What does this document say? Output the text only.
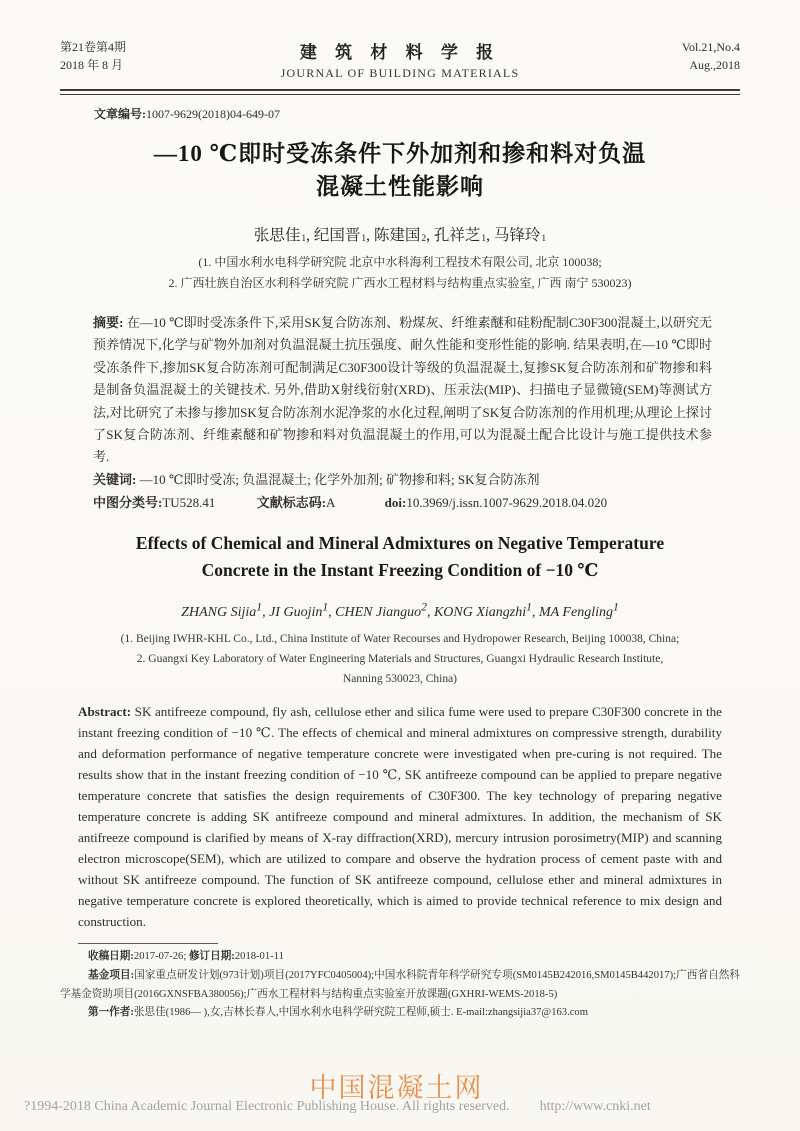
第21卷第4期
2018 年 8 月
建 筑 材 料 学 报
JOURNAL OF BUILDING MATERIALS
Vol.21,No.4
Aug.,2018
文章编号:1007-9629(2018)04-649-07
—10 ℃即时受冻条件下外加剂和掺和料对负温
混凝土性能影响
张思佳1, 纪国晋1, 陈建国2, 孔祥芝1, 马锋玲1
(1. 中国水利水电科学研究院 北京中水科海利工程技术有限公司, 北京 100038;
2. 广西壮族自治区水利科学研究院 广西水工程材料与结构重点实验室, 广西 南宁 530023)
摘要: 在—10 ℃即时受冻条件下,采用SK复合防冻剂、粉煤灰、纤维素醚和硅粉配制C30F300混凝土,以研究无预养情况下,化学与矿物外加剂对负温混凝土抗压强度、耐久性能和变形性能的影响. 结果表明,在—10 ℃即时受冻条件下,掺加SK复合防冻剂可配制满足C30F300设计等级的负温混凝土,复掺SK复合防冻剂和矿物掺和料是制备负温混凝土的关键技术. 另外,借助X射线衍射(XRD)、压汞法(MIP)、扫描电子显微镜(SEM)等测试方法,对比研究了未掺与掺加SK复合防冻剂水泥净浆的水化过程,阐明了SK复合防冻剂的作用机理;从理论上探讨了SK复合防冻剂、纤维素醚和矿物掺和料对负温混凝土的作用,可以为混凝土配合比设计与施工提供技术参考.
关键词: —10 ℃即时受冻; 负温混凝土; 化学外加剂; 矿物掺和料; SK复合防冻剂
中图分类号:TU528.41	文献标志码:A	doi:10.3969/j.issn.1007-9629.2018.04.020
Effects of Chemical and Mineral Admixtures on Negative Temperature
Concrete in the Instant Freezing Condition of −10 ℃
ZHANG Sijia$^1$, JI Guojin$^1$, CHEN Jianguo$^2$, KONG Xiangzhi$^1$, MA Fengling$^1$
(1. Beijing IWHR-KHL Co., Ltd., China Institute of Water Recourses and Hydropower Research, Beijing 100038, China;
2. Guangxi Key Laboratory of Water Engineering Materials and Structures, Guangxi Hydraulic Research Institute,
Nanning 530023, China)
Abstract: SK antifreeze compound, fly ash, cellulose ether and silica fume were used to prepare C30F300 concrete in the instant freezing condition of −10 ℃. The effects of chemical and mineral admixtures on compressive strength, durability and deformation performance of negative temperature concrete were investigated when pre-curing is not required. The results show that in the instant freezing condition of −10 ℃, SK antifreeze compound can be applied to prepare negative temperature concrete that satisfies the design requirements of C30F300. The key technology of preparing negative temperature concrete is adding SK antifreeze compound and mineral admixtures. In addition, the mechanism of SK antifreeze compound is clarified by means of X-ray diffraction(XRD), mercury intrusion porosimetry(MIP) and scanning electron microscope(SEM), which are utilized to compare and observe the hydration process of cement paste with and without SK antifreeze compound. The function of SK antifreeze compound, cellulose ether and mineral admixtures in negative temperature concrete is explored theoretically, which is aimed to provide technical reference to mix design and construction.

收稿日期:2017-07-26; 修订日期:2018-01-11

基金项目:国家重点研发计划(973计划)项目(2017YFC0405004);中国水科院青年科学研究专项(SM0145B242016,SM0145B442017);广西省自然科学基金资助项目(2016GXNSFBA380056);广西水工程材料与结构重点实验室开放课题(GXHRI-WEMS-2018-5)

第一作者:张思佳(1986— ),女,吉林长春人,中国水利水电科学研究院工程师,硕士. E-mail:zhangsijia37@163.com

中国混凝土网
?1994-2018 China Academic Journal Electronic Publishing House. All rights reserved. http://www.cnki.net
